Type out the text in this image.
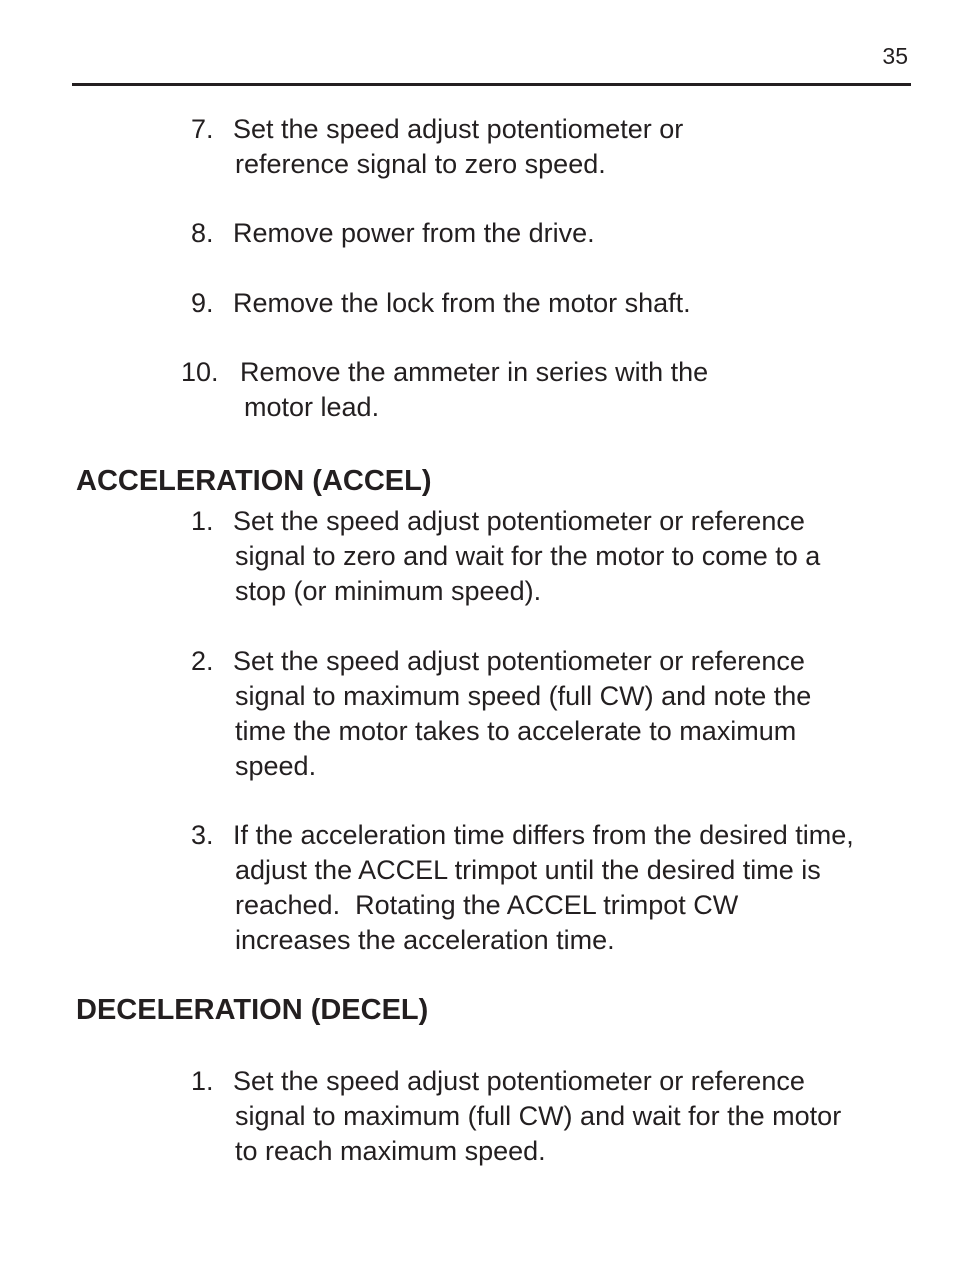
35
7. Set the speed adjust potentiometer or
reference signal to zero speed.
8. Remove power from the drive.
9. Remove the lock from the motor shaft.
10. Remove the ammeter in series with the
motor lead.
ACCELERATION (ACCEL)
1. Set the speed adjust potentiometer or reference
signal to zero and wait for the motor to come to a
stop (or minimum speed).
2. Set the speed adjust potentiometer or reference
signal to maximum speed (full CW) and note the
time the motor takes to accelerate to maximum
speed.
3. If the acceleration time differs from the desired time,
adjust the ACCEL trimpot until the desired time is
reached.  Rotating the ACCEL trimpot CW
increases the acceleration time.
DECELERATION (DECEL)
1. Set the speed adjust potentiometer or reference
signal to maximum (full CW) and wait for the motor
to reach maximum speed.
